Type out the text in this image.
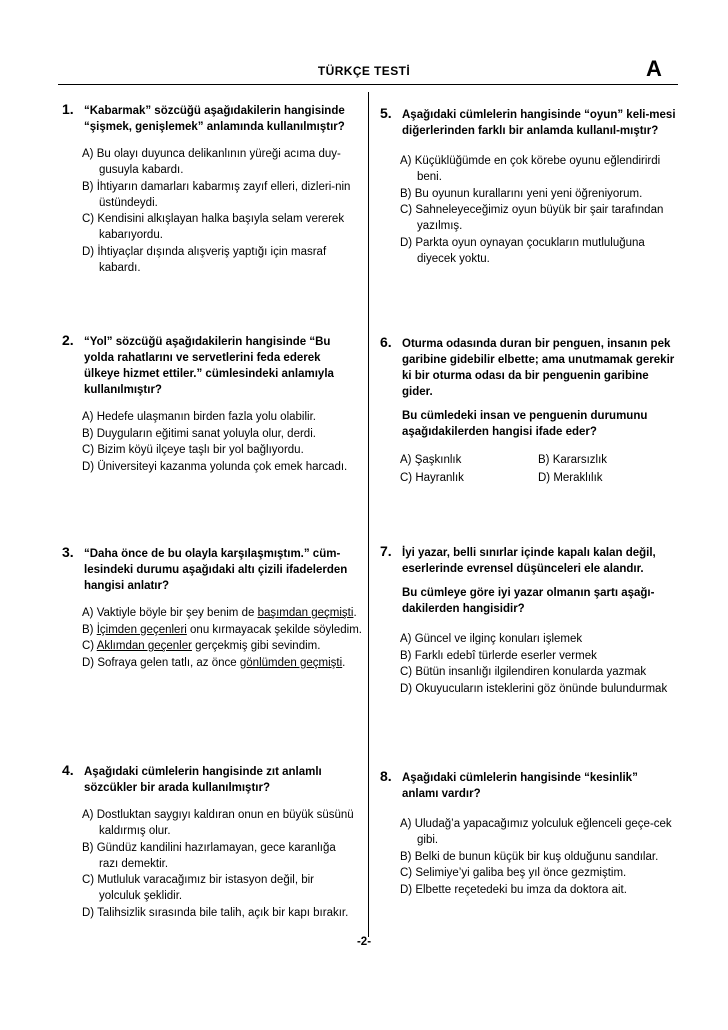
TÜRKÇE TESTİ	A
1. “Kabarmak” sözcüğü aşağıdakilerin hangisinde “şişmek, genişlemek” anlamında kullanılmıştır?
A) Bu olayı duyunca delikanlının yüreği acıma duy-gusuyla kabardı.
B) İhtiyarın damarları kabarmış zayıf elleri, dizleri-nin üstündeydi.
C) Kendisini alkışlayan halka başıyla selam vererek kabarıyordu.
D) İhtiyaçlar dışında alışveriş yaptığı için masraf kabardı.
2. “Yol” sözcüğü aşağıdakilerin hangisinde “Bu yolda rahatlarını ve servetlerini feda ederek ülkeye hizmet ettiler.” cümlesindeki anlamıyla kullanılmıştır?
A) Hedefe ulaşmanın birden fazla yolu olabilir.
B) Duyguların eğitimi sanat yoluyla olur, derdi.
C) Bizim köyü ilçeye taşlı bir yol bağlıyordu.
D) Üniversiteyi kazanma yolunda çok emek harcadı.
3. “Daha önce de bu olayla karşılaşmıştım.” cüm-lesindeki durumu aşağıdaki altı çizili ifadelerden hangisi anlatır?
A) Vaktiyle böyle bir şey benim de başımdan geçmişti.
B) İçimden geçenleri onu kırmayacak şekilde söyledim.
C) Aklımdan geçenler gerçekmiş gibi sevindim.
D) Sofraya gelen tatlı, az önce gönlümden geçmişti.
4. Aşağıdaki cümlelerin hangisinde zıt anlamlı sözcükler bir arada kullanılmıştır?
A) Dostluktan saygıyı kaldıran onun en büyük süsünü kaldırmış olur.
B) Gündüz kandilini hazırlamayan, gece karanlığa razı demektir.
C) Mutluluk varacağımız bir istasyon değil, bir yolculuk şeklidir.
D) Talihsizlik sırasında bile talih, açık bir kapı bırakır.
5. Aşağıdaki cümlelerin hangisinde “oyun” keli-mesi diğerlerinden farklı bir anlamda kullanıl-mıştır?
A) Küçüklüğümde en çok körebe oyunu eğlendirirdi beni.
B) Bu oyunun kurallarını yeni yeni öğreniyorum.
C) Sahneleyeceğimiz oyun büyük bir şair tarafından yazılmış.
D) Parkta oyun oynayan çocukların mutluluğuna diyecek yoktu.
6. Oturma odasında duran bir penguen, insanın pek garibine gidebilir elbette; ama unutmamak gerekir ki bir oturma odası da bir penguenin garibine gider.
Bu cümledeki insan ve penguenin durumunu aşağıdakilerden hangisi ifade eder?
A) Şaşkınlık	B) Kararsızlık
C) Hayranlık	D) Meraklılık
7. İyi yazar, belli sınırlar içinde kapalı kalan değil, eserlerinde evrensel düşünceleri ele alandır.
Bu cümleye göre iyi yazar olmanın şartı aşağı-dakilerden hangisidir?
A) Güncel ve ilginç konuları işlemek
B) Farklı edebî türlerde eserler vermek
C) Bütün insanlığı ilgilendiren konularda yazmak
D) Okuyucuların isteklerini göz önünde bulundurmak
8. Aşağıdaki cümlelerin hangisinde “kesinlik” anlamı vardır?
A) Uludağ’a yapacağımız yolculuk eğlenceli geçe-cek gibi.
B) Belki de bunun küçük bir kuş olduğunu sandılar.
C) Selimiye’yi galiba beş yıl önce gezmiştim.
D) Elbette reçetedeki bu imza da doktora ait.
-2-
